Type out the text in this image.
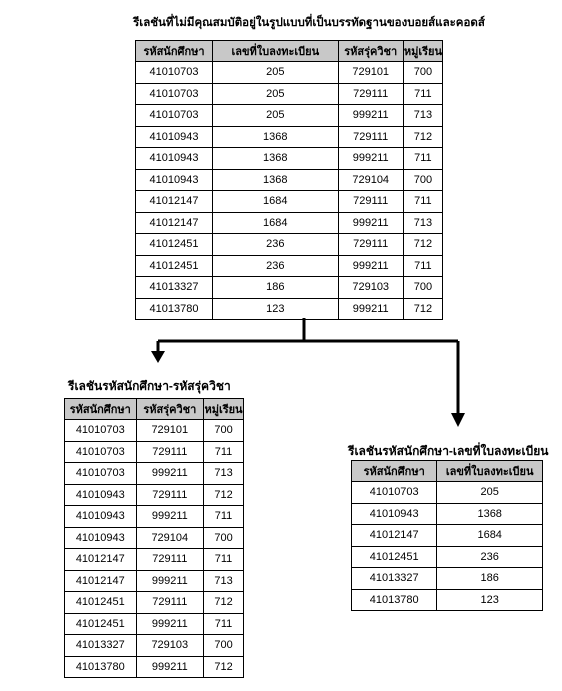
รีเลชันที่ไม่มีคุณสมบัติอยู่ในรูปแบบที่เป็นบรรทัดฐานของบอยส์และคอดส์
รหัสนักศึกษา	เลขที่ใบลงทะเบียน	รหัสรุ่ควิชา	หมู่เรียน
41010703	205	729101	700
41010703	205	729111	711
41010703	205	999211	713
41010943	1368	729111	712
41010943	1368	999211	711
41010943	1368	729104	700
41012147	1684	729111	711
41012147	1684	999211	713
41012451	236	729111	712
41012451	236	999211	711
41013327	186	729103	700
41013780	123	999211	712
รีเลชันรหัสนักศึกษา-รหัสรุ่ควิชา
รหัสนักศึกษา	รหัสรุ่ควิชา	หมู่เรียน
41010703	729101	700
41010703	729111	711
41010703	999211	713
41010943	729111	712
41010943	999211	711
41010943	729104	700
41012147	729111	711
41012147	999211	713
41012451	729111	712
41012451	999211	711
41013327	729103	700
41013780	999211	712
รีเลชันรหัสนักศึกษา-เลขที่ใบลงทะเบียน
รหัสนักศึกษา	เลขที่ใบลงทะเบียน
41010703	205
41010943	1368
41012147	1684
41012451	236
41013327	186
41013780	123
